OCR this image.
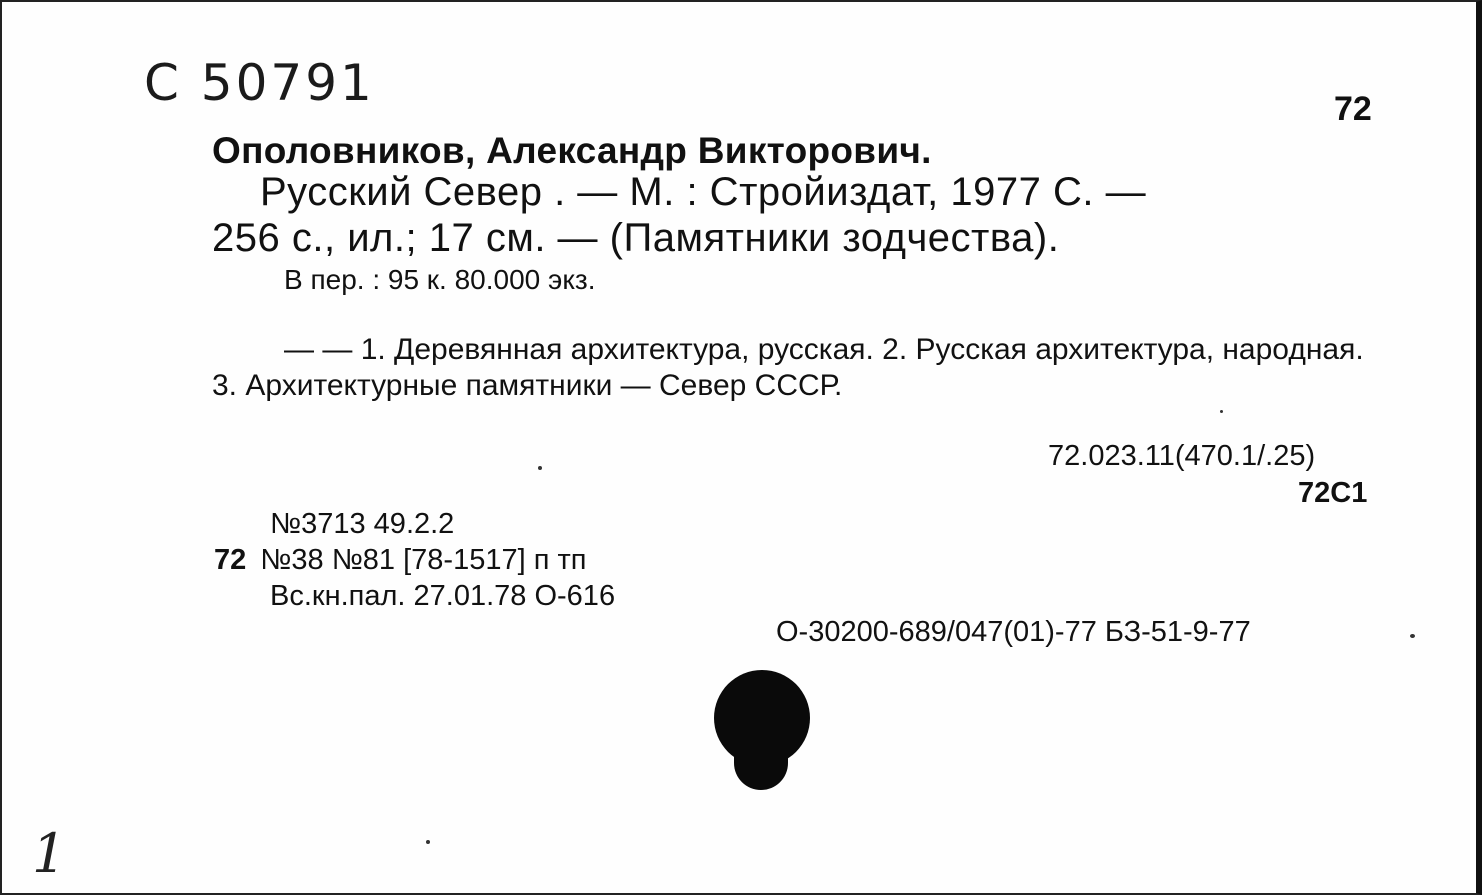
С 50791	72
Ополовников, Александр Викторович.
Русский Север . — М. : Стройиздат, 1977 С. —
256 с., ил.; 17 см. — (Памятники зодчества).
В пер. : 95 к. 80.000 экз.
— — 1. Деревянная архитектура, русская. 2. Русская архитектура, народная. 3. Архитектурные памятники — Север СССР.
72.023.11(470.1/.25)
72С1
№3713 49.2.2
72 №38 №8⁠1 [78-1517] п тп
Вс.кн.пал. 27.01.78 О-616
О-30200-689/047(01)-77 БЗ-51-9-77
1
